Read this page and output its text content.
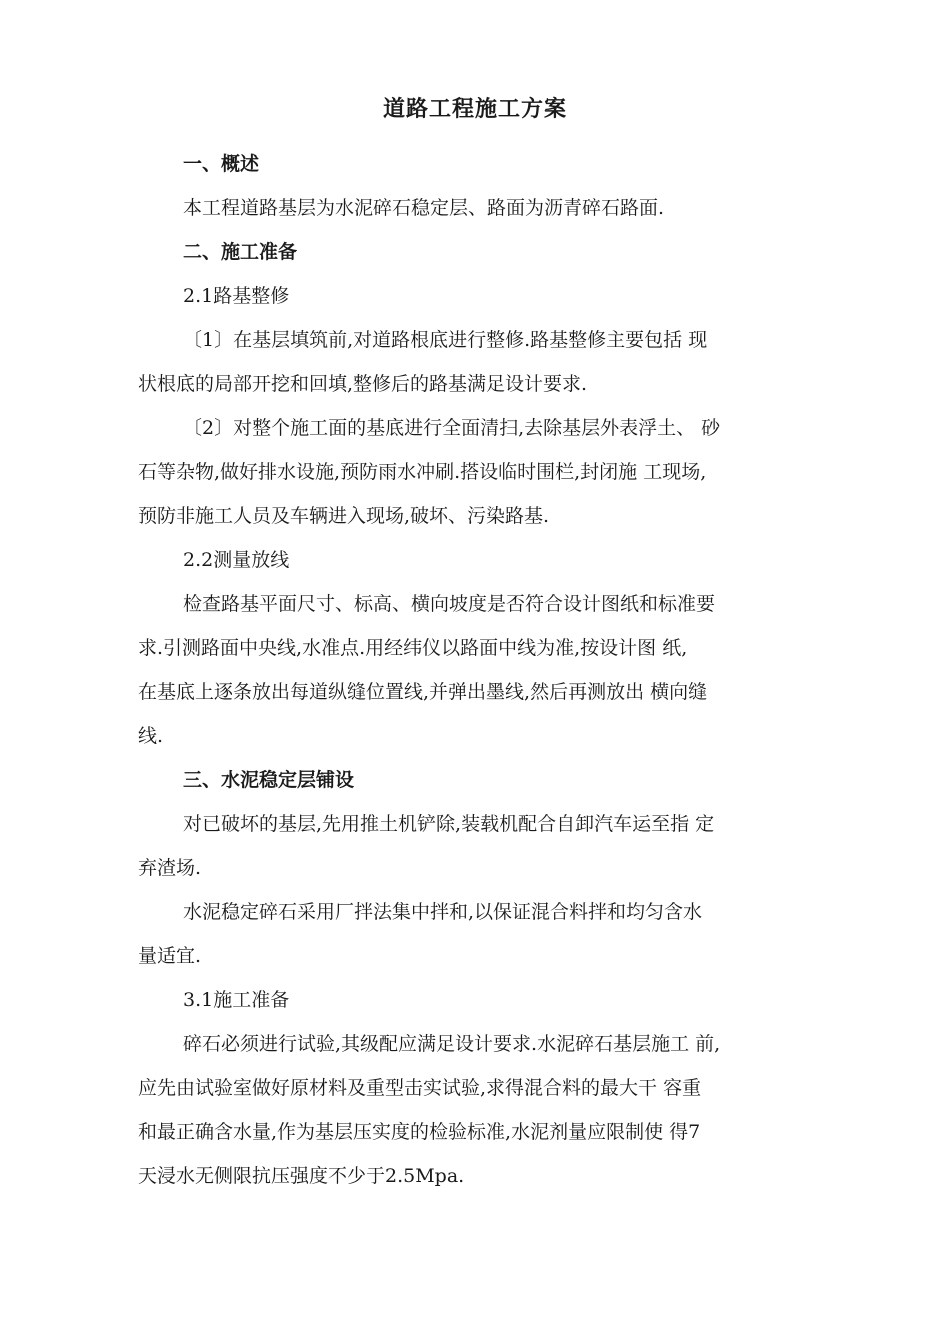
道路工程施工方案
一、概述
本工程道路基层为水泥碎石稳定层、路面为沥青碎石路面.
二、施工准备
2.1路基整修
〔1〕在基层填筑前,对道路根底进行整修.路基整修主要包括 现
状根底的局部开挖和回填,整修后的路基满足设计要求.
〔2〕对整个施工面的基底进行全面清扫,去除基层外表浮土、 砂
石等杂物,做好排水设施,预防雨水冲刷.搭设临时围栏,封闭施 工现场,
预防非施工人员及车辆进入现场,破坏、污染路基.
2.2测量放线
检查路基平面尺寸、标高、横向坡度是否符合设计图纸和标准要
求.引测路面中央线,水准点.用经纬仪以路面中线为准,按设计图 纸,
在基底上逐条放出每道纵缝位置线,并弹出墨线,然后再测放出 横向缝
线.
三、水泥稳定层铺设
对已破坏的基层,先用推土机铲除,装载机配合自卸汽车运至指 定
弃渣场.
水泥稳定碎石采用厂拌法集中拌和,以保证混合料拌和均匀含水
量适宜.
3.1施工准备
碎石必须进行试验,其级配应满足设计要求.水泥碎石基层施工 前,
应先由试验室做好原材料及重型击实试验,求得混合料的最大干 容重
和最正确含水量,作为基层压实度的检验标准,水泥剂量应限制使 得7
天浸水无侧限抗压强度不少于2.5Mpa.
